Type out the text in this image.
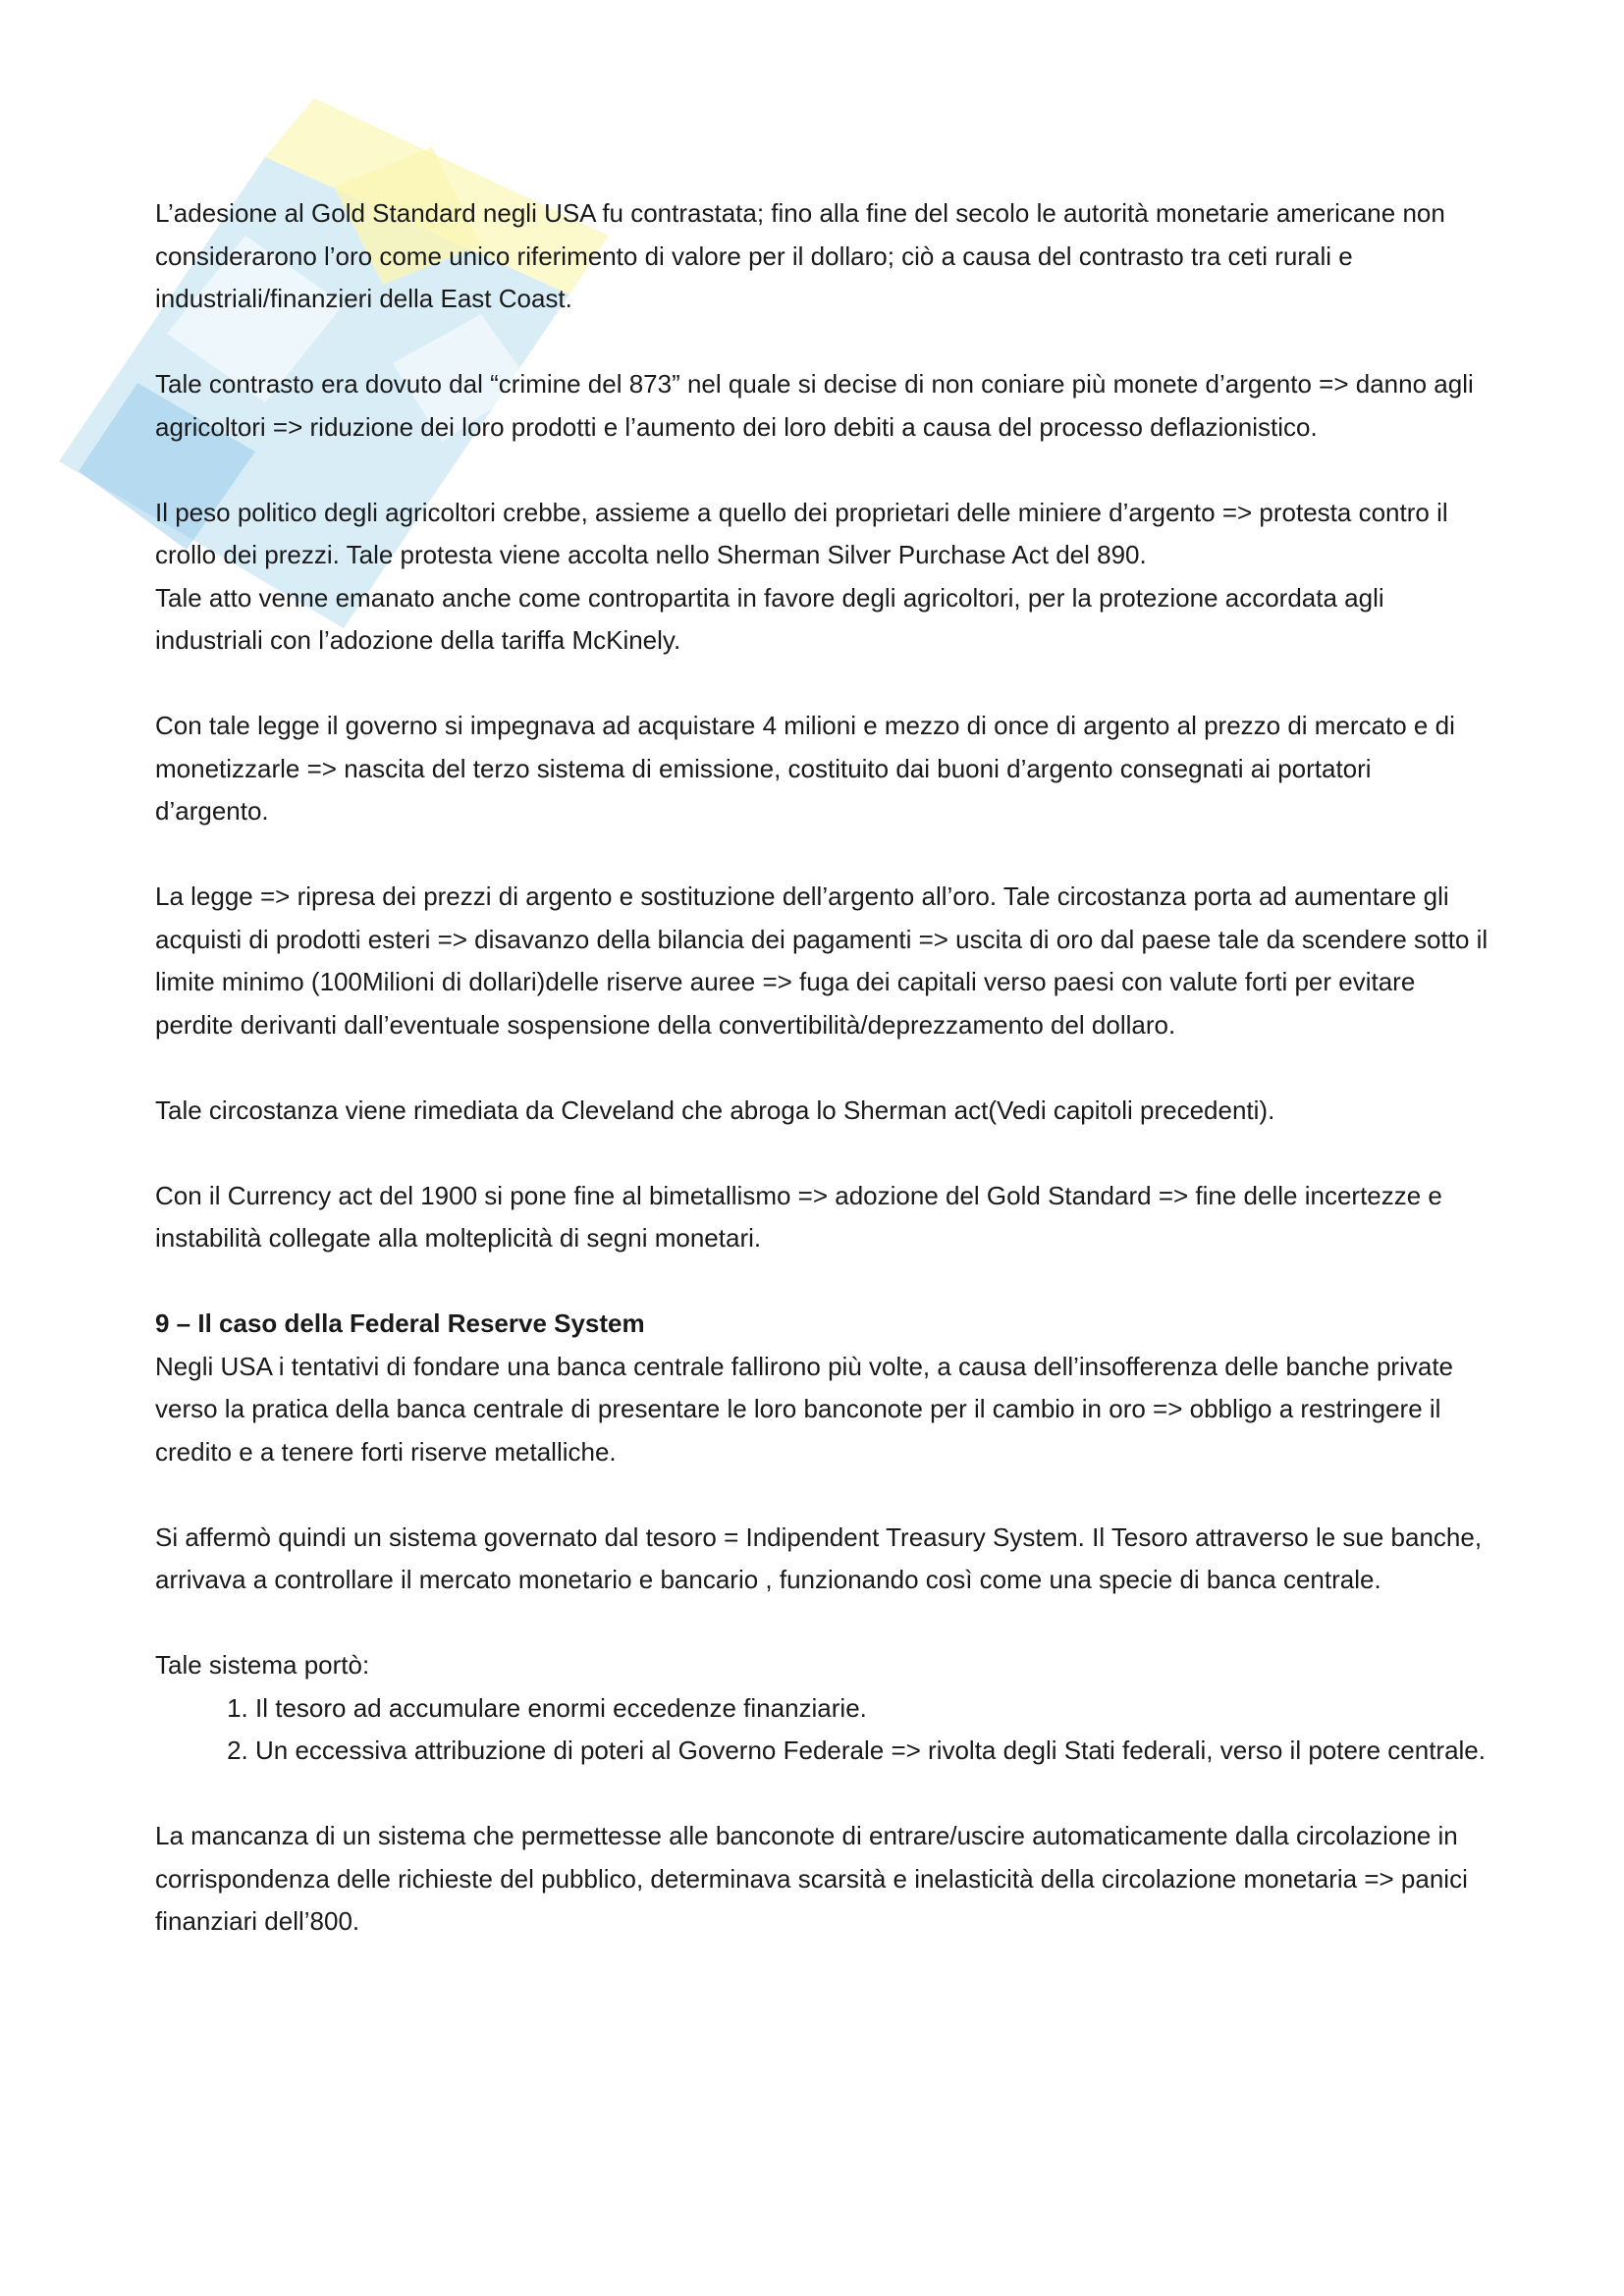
L’adesione al Gold Standard negli USA fu contrastata; fino alla fine del secolo le autorità monetarie americane non considerarono l’oro come unico riferimento di valore per il dollaro; ciò a causa del contrasto tra ceti rurali e industriali/finanzieri della East Coast.

Tale contrasto era dovuto dal “crimine del 873” nel quale si decise di non coniare più monete d’argento => danno agli agricoltori => riduzione dei loro prodotti e l’aumento dei loro debiti a causa del processo deflazionistico.

Il peso politico degli agricoltori crebbe, assieme a quello dei proprietari delle miniere d’argento => protesta contro il crollo dei prezzi. Tale protesta viene accolta nello Sherman Silver Purchase Act del 890.

Tale atto venne emanato anche come contropartita in favore degli agricoltori, per la protezione accordata agli industriali con l’adozione della tariffa McKinely.

Con tale legge il governo si impegnava ad acquistare 4 milioni e mezzo di once di argento al prezzo di mercato e di monetizzarle => nascita del terzo sistema di emissione, costituito dai buoni d’argento consegnati ai portatori d’argento.

La legge => ripresa dei prezzi di argento e sostituzione dell’argento all’oro. Tale circostanza porta ad aumentare gli acquisti di prodotti esteri => disavanzo della bilancia dei pagamenti => uscita di oro dal paese tale da scendere sotto il limite minimo (100Milioni di dollari)delle riserve auree => fuga dei capitali verso paesi con valute forti per evitare perdite derivanti dall’eventuale sospensione della convertibilità/deprezzamento del dollaro.

Tale circostanza viene rimediata da Cleveland che abroga lo Sherman act(Vedi capitoli precedenti).

Con il Currency act del 1900 si pone fine al bimetallismo => adozione del Gold Standard => fine delle incertezze e instabilità collegate alla molteplicità di segni monetari.

9 – Il caso della Federal Reserve System

Negli USA i tentativi di fondare una banca centrale fallirono più volte, a causa dell’insofferenza delle banche private verso la pratica della banca centrale di presentare le loro banconote per il cambio in oro => obbligo a restringere il credito e a tenere forti riserve metalliche.

Si affermò quindi un sistema governato dal tesoro = Indipendent Treasury System. Il Tesoro attraverso le sue banche, arrivava a controllare il mercato monetario e bancario , funzionando così come una specie di banca centrale.

Tale sistema portò:

1. Il tesoro ad accumulare enormi eccedenze finanziarie.
2. Un eccessiva attribuzione di poteri al Governo Federale => rivolta degli Stati federali, verso il potere centrale.

La mancanza di un sistema che permettesse alle banconote di entrare/uscire automaticamente dalla circolazione in corrispondenza delle richieste del pubblico, determinava scarsità e inelasticità della circolazione monetaria => panici finanziari dell’800.
